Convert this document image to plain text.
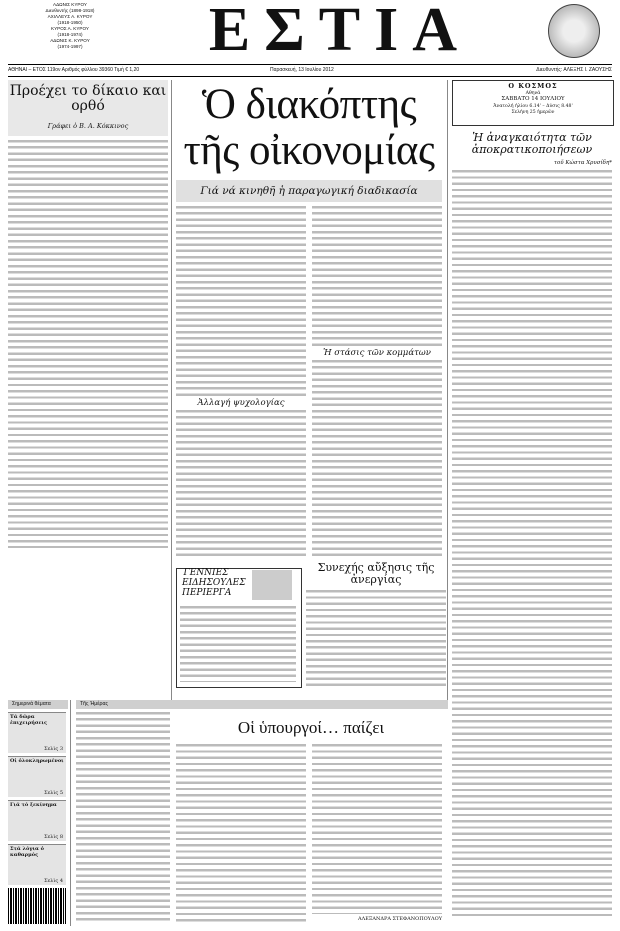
ΑΔΩΝΙΣ ΚΥΡΟΥ
Διευθυντής (1898-1918)
ΑΧΙΛΛΕΥΣ Α. ΚΥΡΟΥ
(1918-1950)
ΚΥΡΟΣ Α. ΚΥΡΟΥ
(1918-1974)
ΑΔΩΝΙΣ Κ. ΚΥΡΟΥ
(1974-1997)	ΕΣΤΙΑ
ΑΘΗΝΑΙ – ΕΤΟΣ 119ον Αριθμός φύλλου 39360 Τιμή € 1,20	Παρασκευή, 13 Ιουλίου 2012	Διευθυντής: ΑΛΕΞΗΣ Ι. ΖΑΟΥΣΗΣ
Προέχει το δίκαιο και ορθό
Γράφει ὁ Β. Α. Κόκκινος	Ὁ διακόπτης
τῆς οἰκονομίας
Γιά νά κινηθῆ ἡ παραγωγική διαδικασία
Ἀλλαγή ψυχολογίας
Ἡ στάσις τῶν κομμάτων
Ο ΚΟΣΜΟΣ
Αθηνά
ΣΑΒΒΑΤΟ 14 ΙΟΥΛΙΟΥ
Ἀνατολή ἡλίου 6.14' – Δύσις 8.48'
Σελήνη 25 ἡμερῶν
Ἡ ἀναγκαιότητα τῶν ἀποκρατικοποιήσεων
τοῦ Κώστα Χρυσίδη*
ΓΕΝΝΙΕΣ ΕΙΔΗΣΟΥΛΕΣ ΠΕΡΙΕΡΓΑ
Συνεχής αὔξησις τῆς ἀνεργίας
Σημερινά θέματα	Τῆς Ἡμέρας
Τά δῶρα ἐπιχειρήσεις
Σελὶς 3
Οἱ ὀλοκληρωμένοι
Σελὶς 5
Γιά τό ξεκίνημα
Σελὶς 8
Στά λόγια ὁ καθαρμός
Σελὶς 4
Οἱ ὑπουργοί… παίζει
ΑΛΕΞΑΝΔΡΑ ΣΤΕΦΑΝΟΠΟΥΛΟΥ
